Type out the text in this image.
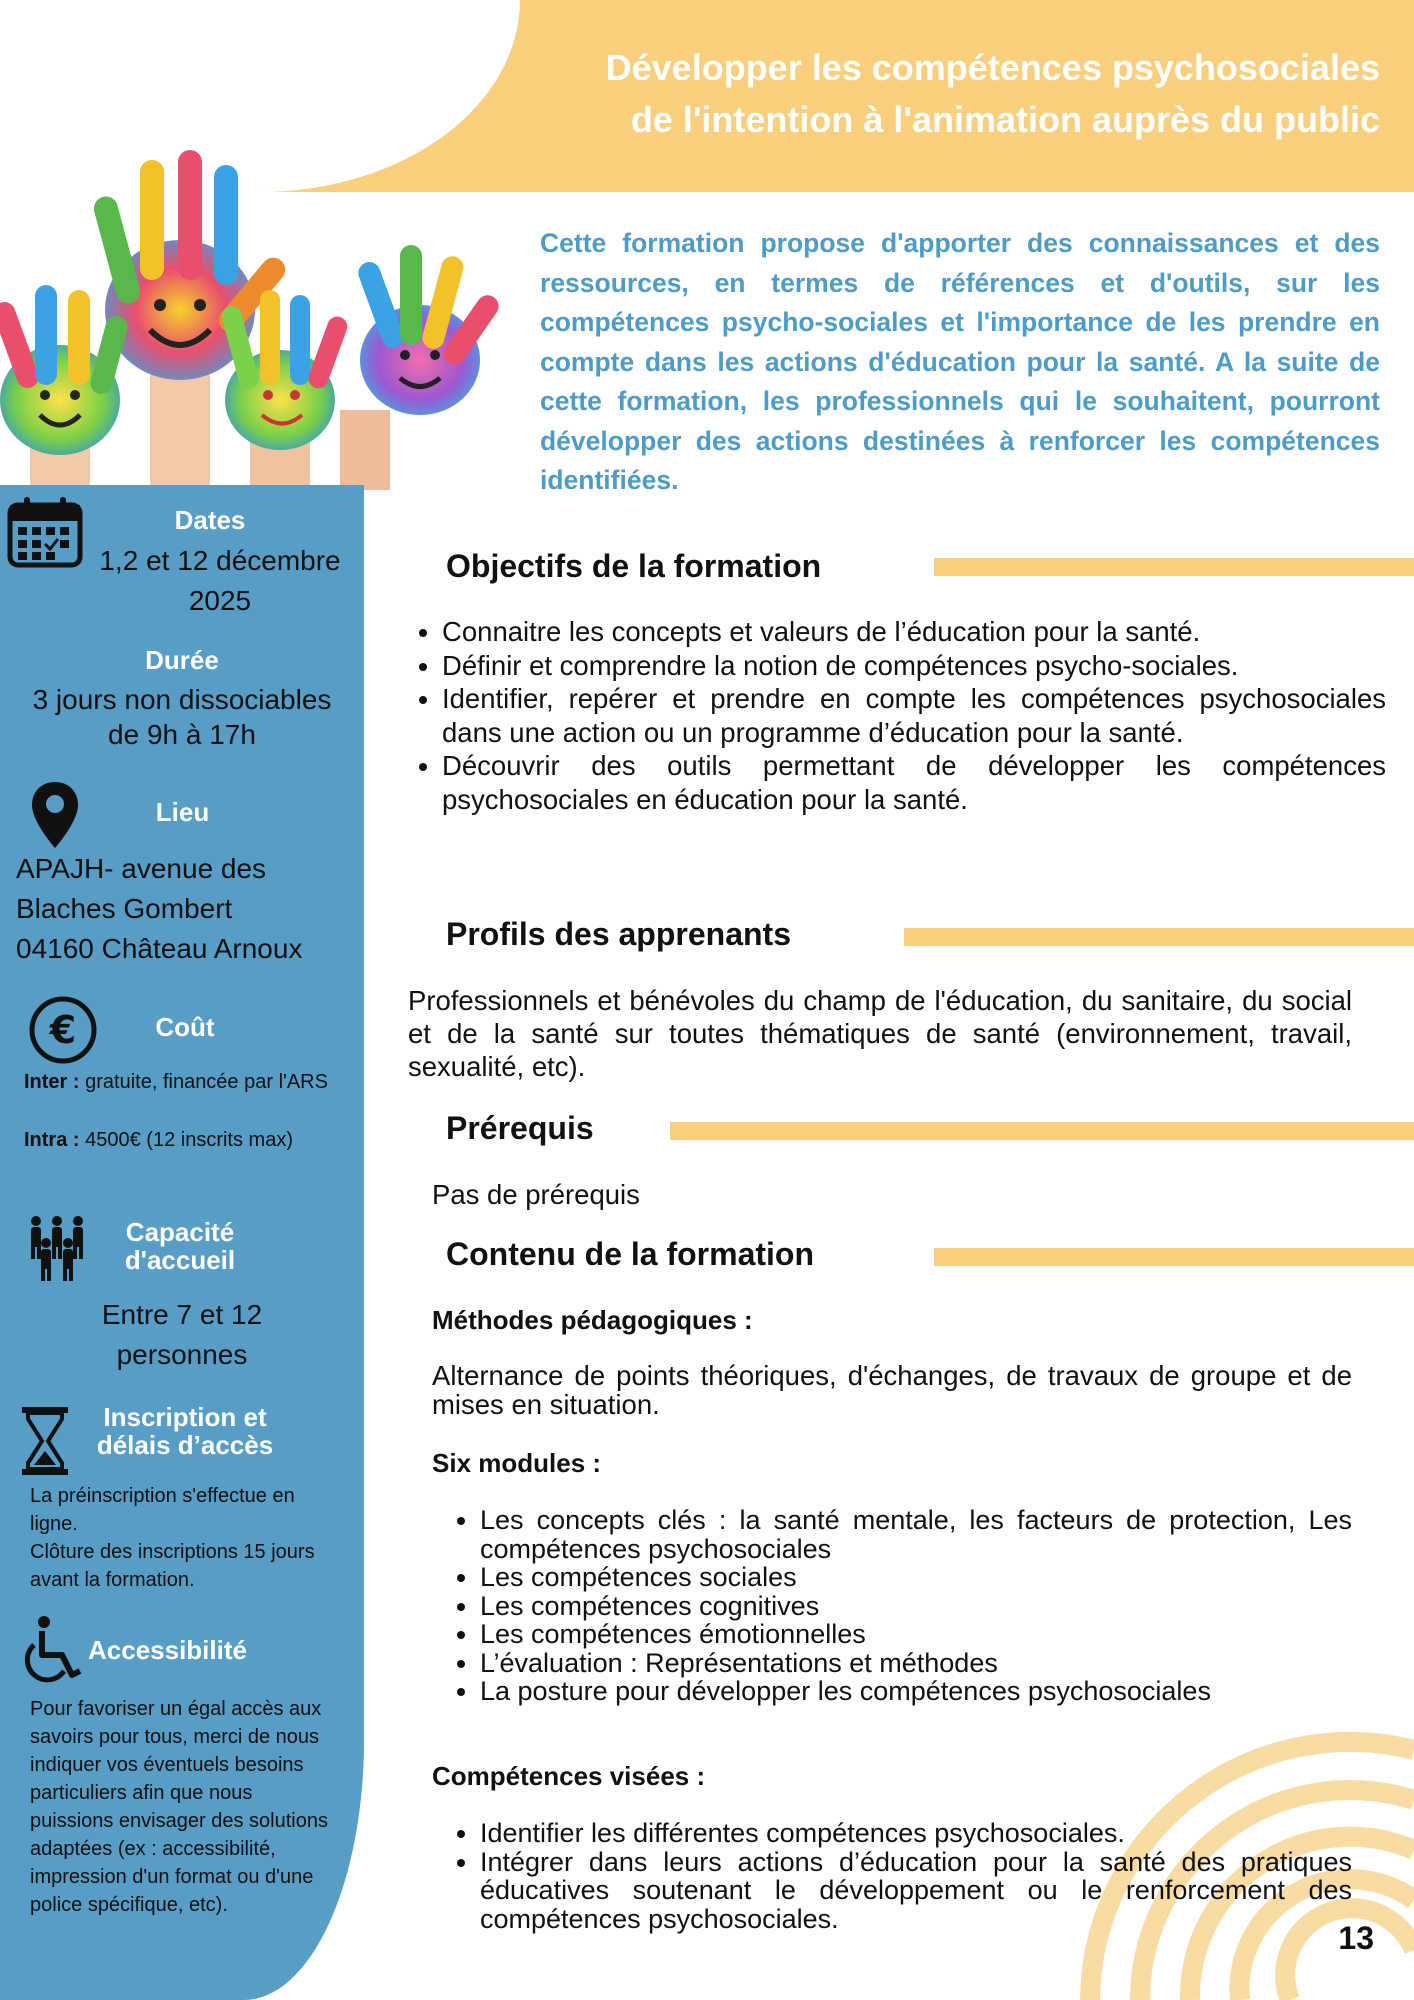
Développer les compétences psychosociales
de l'intention à l'animation auprès du public
Cette formation propose d'apporter des connaissances et des ressources, en termes de références et d'outils, sur les compétences psycho-sociales et l'importance de les prendre en compte dans les actions d'éducation pour la santé. A la suite de cette formation, les professionnels qui le souhaitent, pourront développer des actions destinées à renforcer les compétences identifiées.
Dates
1,2 et 12 décembre
2025
Durée
3 jours non dissociables
de 9h à 17h
Lieu
APAJH- avenue des
Blaches Gombert
04160 Château Arnoux
€	Coût
Inter : gratuite, financée par l'ARS
Intra : 4500€ (12 inscrits max)
Capacité
d'accueil
Entre 7 et 12
personnes
Inscription et
délais d’accès
La préinscription s'effectue en ligne.
Clôture des inscriptions 15 jours avant la formation.
Accessibilité
Pour favoriser un égal accès aux savoirs pour tous, merci de nous indiquer vos éventuels besoins particuliers afin que nous puissions envisager des solutions adaptées (ex : accessibilité, impression d'un format ou d'une police spécifique, etc).
Objectifs de la formation
• Connaitre les concepts et valeurs de l’éducation pour la santé.
• Définir et comprendre la notion de compétences psycho-sociales.
• Identifier, repérer et prendre en compte les compétences psychosociales dans une action ou un programme d’éducation pour la santé.
• Découvrir des outils permettant de développer les compétences psychosociales en éducation pour la santé.
Profils des apprenants
Professionnels et bénévoles du champ de l'éducation, du sanitaire, du social et de la santé sur toutes thématiques de santé (environnement, travail, sexualité, etc).
Prérequis
Pas de prérequis
Contenu de la formation
Méthodes pédagogiques :
Alternance de points théoriques, d'échanges, de travaux de groupe et de mises en situation.
Six modules :
• Les concepts clés : la santé mentale, les facteurs de protection, Les compétences psychosociales
• Les compétences sociales
• Les compétences cognitives
• Les compétences émotionnelles
• L’évaluation : Représentations et méthodes
• La posture pour développer les compétences psychosociales
Compétences visées :
• Identifier les différentes compétences psychosociales.
• Intégrer dans leurs actions d’éducation pour la santé des pratiques éducatives soutenant le développement ou le renforcement des compétences psychosociales.
13
